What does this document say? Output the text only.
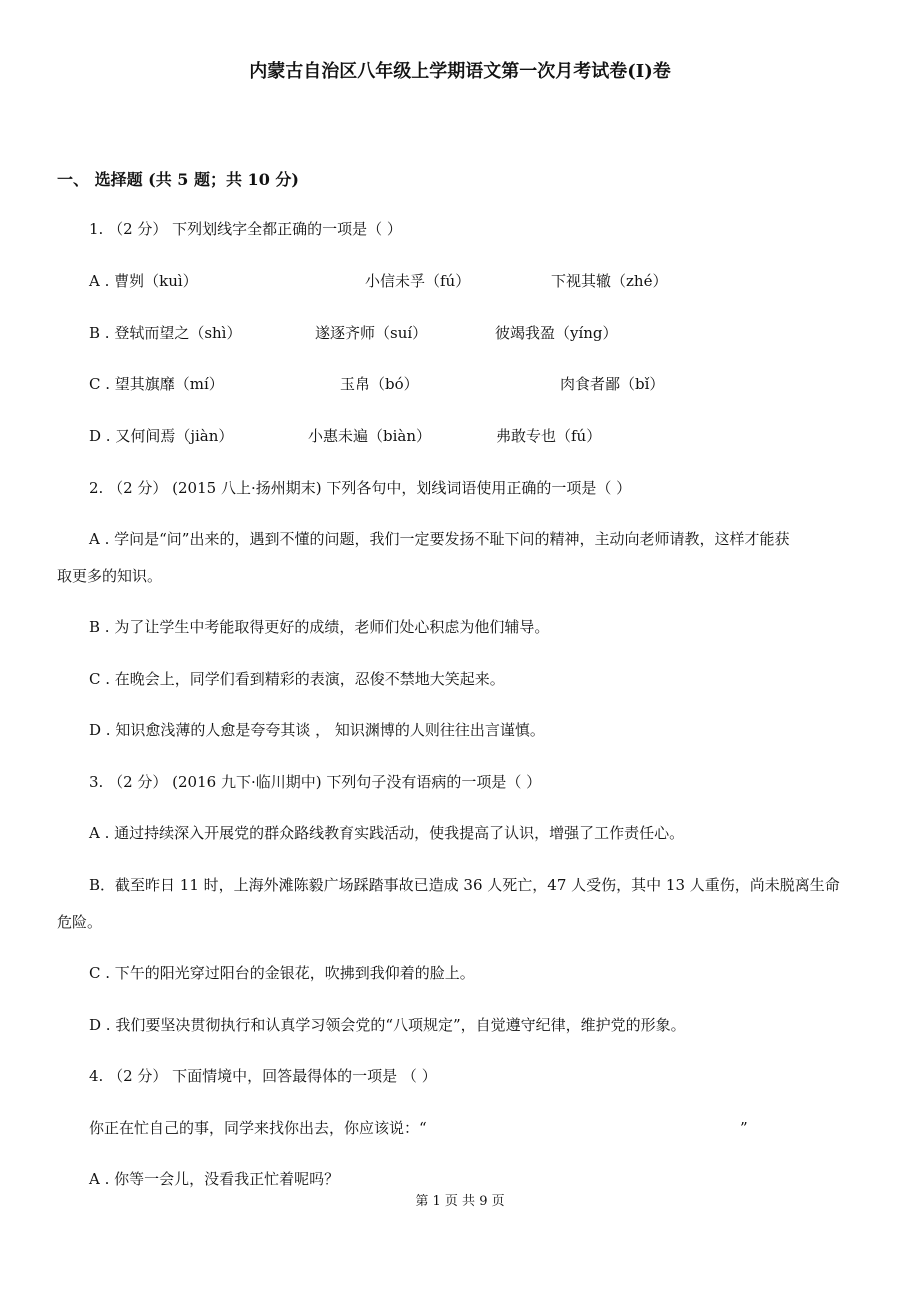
内蒙古自治区八年级上学期语文第一次月考试卷(I)卷
一、 选择题 (共 5 题；共 10 分)
1. （2 分） 下列划线字全都正确的一项是（ ）
A . 曹刿（kuì）	小信未孚（fú）	下视其辙（zhé）
B . 登轼而望之（shì）	遂逐齐师（suí）	彼竭我盈（yíng）
C . 望其旗靡（mí）	玉帛（bó）	肉食者鄙（bǐ）
D . 又何间焉（jiàn）	小惠未遍（biàn）	弗敢专也（fú）
2. （2 分） (2015 八上·扬州期末) 下列各句中，划线词语使用正确的一项是（ ）
A . 学问是“问”出来的，遇到不懂的问题，我们一定要发扬不耻下问的精神，主动向老师请教，这样才能获
取更多的知识。
B . 为了让学生中考能取得更好的成绩，老师们处心积虑为他们辅导。
C . 在晚会上，同学们看到精彩的表演，忍俊不禁地大笑起来。
D . 知识愈浅薄的人愈是夸夸其谈 ， 知识渊博的人则往往出言谨慎。
3. （2 分） (2016 九下·临川期中) 下列句子没有语病的一项是（ ）
A . 通过持续深入开展党的群众路线教育实践活动，使我提高了认识，增强了工作责任心。
B．截至昨日 11 时，上海外滩陈毅广场踩踏事故已造成 36 人死亡，47 人受伤，其中 13 人重伤，尚未脱离生命
危险。
C . 下午的阳光穿过阳台的金银花，吹拂到我仰着的脸上。
D . 我们要坚决贯彻执行和认真学习领会党的“八项规定”，自觉遵守纪律，维护党的形象。
4. （2 分） 下面情境中，回答最得体的一项是 （ ）
你正在忙自己的事，同学来找你出去，你应该说：“	”
A . 你等一会儿，没看我正忙着呢吗？
第 1 页 共 9 页
